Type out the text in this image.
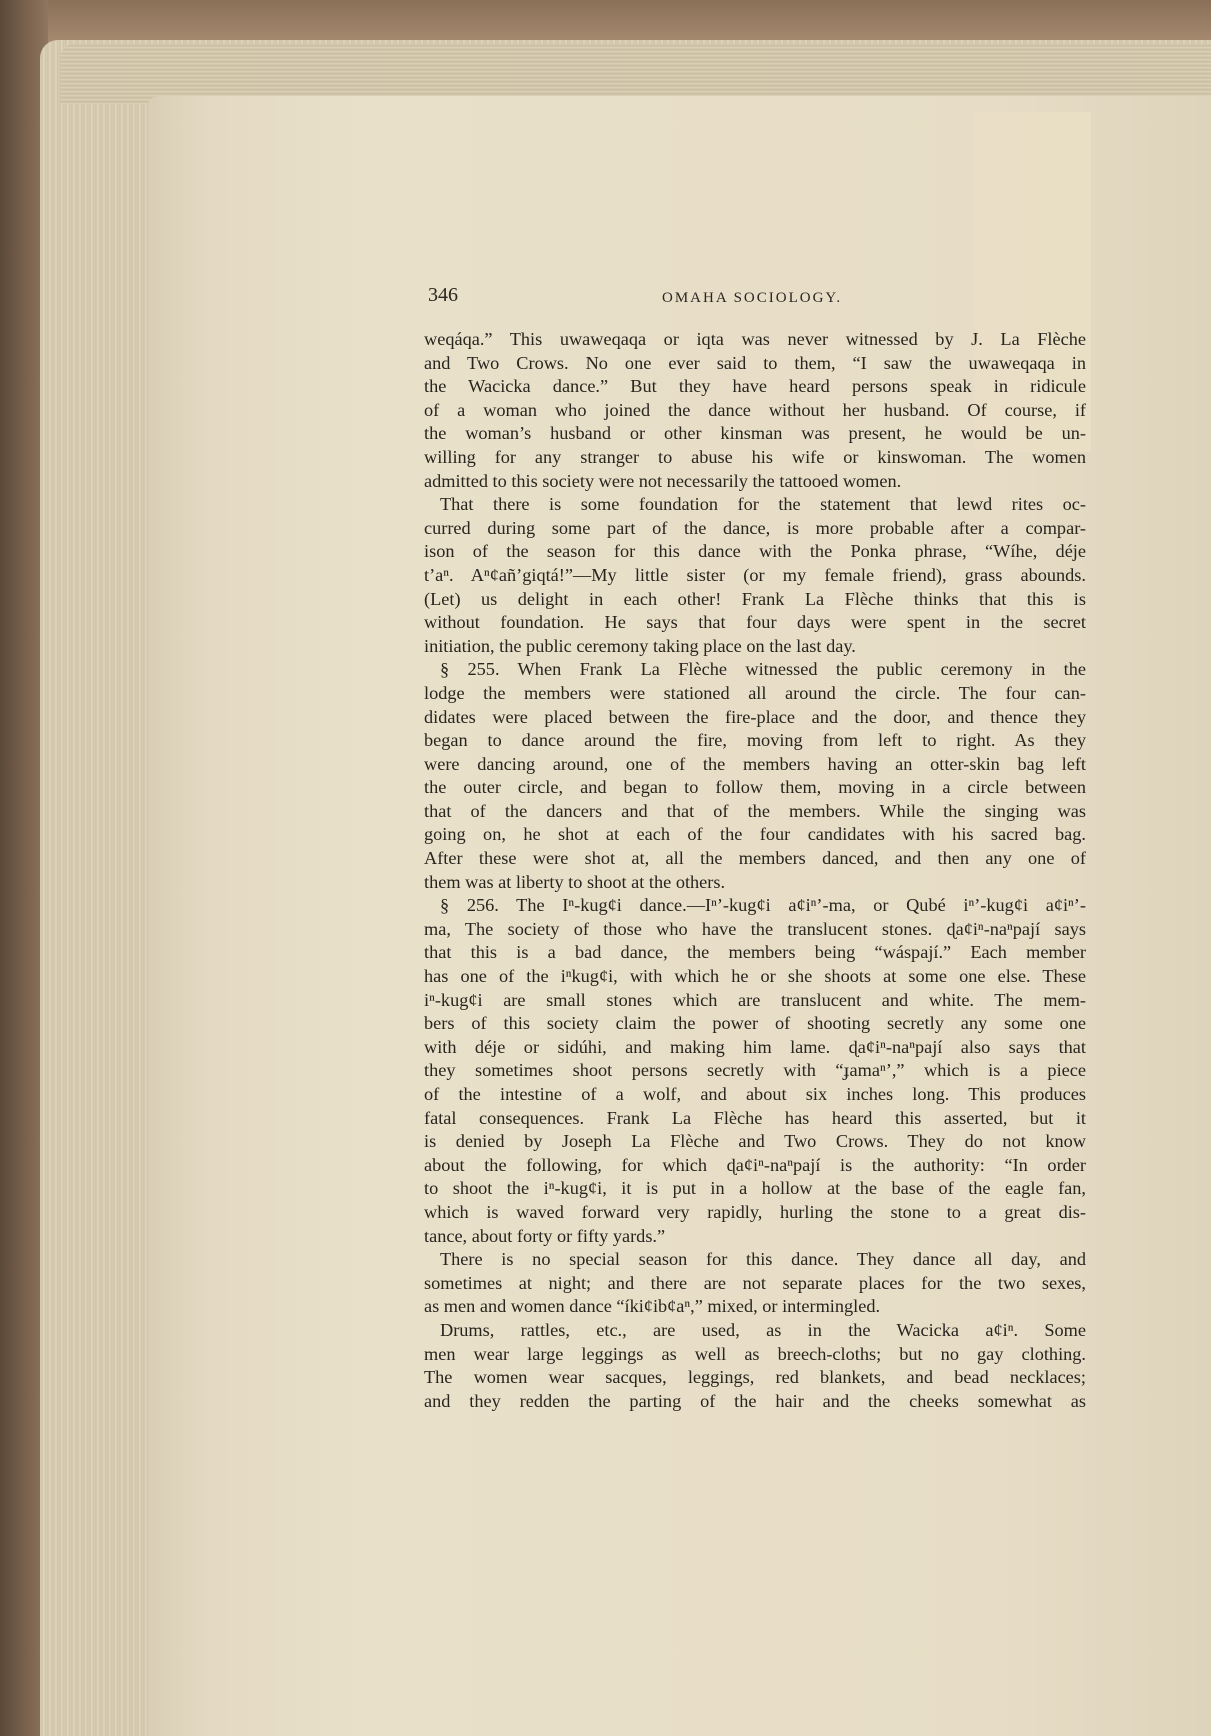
346	OMAHA SOCIOLOGY.
weqáqa.” This uwaweqaqa or iqta was never witnessed by J. La Flèche
and Two Crows. No one ever said to them, “I saw the uwaweqaqa in
the Wacicka dance.” But they have heard persons speak in ridicule
of a woman who joined the dance without her husband. Of course, if
the woman’s husband or other kinsman was present, he would be un-
willing for any stranger to abuse his wife or kinswoman. The women
admitted to this society were not necessarily the tattooed women.
That there is some foundation for the statement that lewd rites oc-
curred during some part of the dance, is more probable after a compar-
ison of the season for this dance with the Ponka phrase, “Wíhe, déje
t’aⁿ. Aⁿ¢añ’giqtá!”—My little sister (or my female friend), grass abounds.
(Let) us delight in each other! Frank La Flèche thinks that this is
without foundation. He says that four days were spent in the secret
initiation, the public ceremony taking place on the last day.
§ 255. When Frank La Flèche witnessed the public ceremony in the
lodge the members were stationed all around the circle. The four can-
didates were placed between the fire-place and the door, and thence they
began to dance around the fire, moving from left to right. As they
were dancing around, one of the members having an otter-skin bag left
the outer circle, and began to follow them, moving in a circle between
that of the dancers and that of the members. While the singing was
going on, he shot at each of the four candidates with his sacred bag.
After these were shot at, all the members danced, and then any one of
them was at liberty to shoot at the others.
§ 256. The Iⁿ-kug¢i dance.—Iⁿ’-kug¢i a¢iⁿ’-ma, or Qubé iⁿ’-kug¢i a¢iⁿ’-
ma, The society of those who have the translucent stones. ɖa¢iⁿ-naⁿpají says
that this is a bad dance, the members being “wáspají.” Each member
has one of the iⁿkug¢i, with which he or she shoots at some one else. These
iⁿ-kug¢i are small stones which are translucent and white. The mem-
bers of this society claim the power of shooting secretly any some one
with déje or sidúhi, and making him lame. ɖa¢iⁿ-naⁿpají also says that
they sometimes shoot persons secretly with “ɟamaⁿ’,” which is a piece
of the intestine of a wolf, and about six inches long. This produces
fatal consequences. Frank La Flèche has heard this asserted, but it
is denied by Joseph La Flèche and Two Crows. They do not know
about the following, for which ɖa¢iⁿ-naⁿpají is the authority: “In order
to shoot the iⁿ-kug¢i, it is put in a hollow at the base of the eagle fan,
which is waved forward very rapidly, hurling the stone to a great dis-
tance, about forty or fifty yards.”
There is no special season for this dance. They dance all day, and
sometimes at night; and there are not separate places for the two sexes,
as men and women dance “íki¢ib¢aⁿ,” mixed, or intermingled.
Drums, rattles, etc., are used, as in the Wacicka a¢iⁿ. Some
men wear large leggings as well as breech-cloths; but no gay clothing.
The women wear sacques, leggings, red blankets, and bead necklaces;
and they redden the parting of the hair and the cheeks somewhat as
